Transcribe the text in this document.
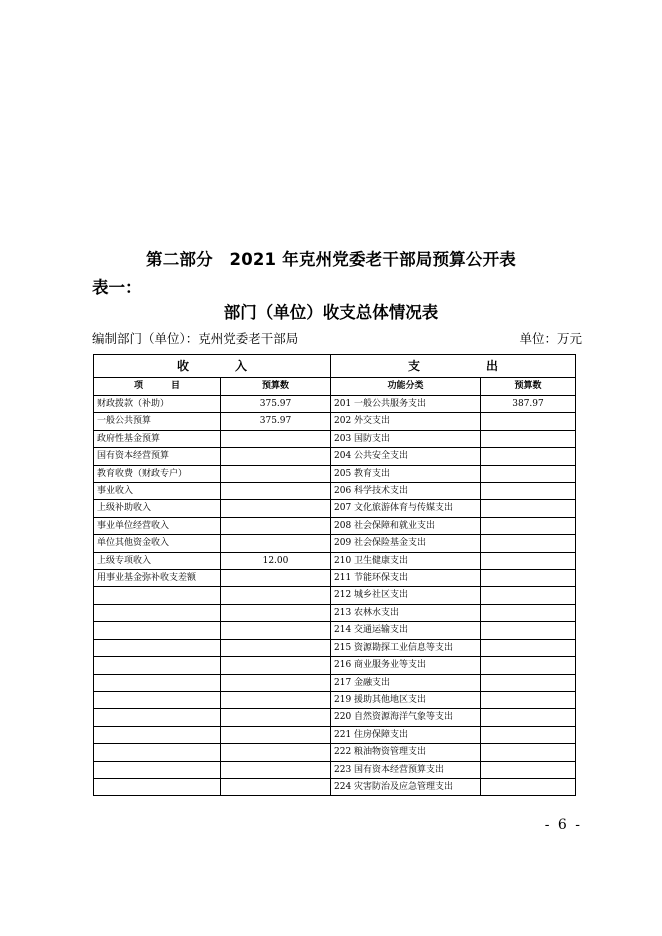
第二部分　2021 年克州党委老干部局预算公开表
表一：
部门（单位）收支总体情况表
编制部门（单位）：克州党委老干部局	单位：万元
收 入		支 出	
项 目	预算数	功能分类	预算数
财政拨款（补助）	375.97	201 一般公共服务支出	387.97
一般公共预算	375.97	202 外交支出	
政府性基金预算		203 国防支出	
国有资本经营预算		204 公共安全支出	
教育收费（财政专户）		205 教育支出	
事业收入		206 科学技术支出	
上级补助收入		207 文化旅游体育与传媒支出	
事业单位经营收入		208 社会保障和就业支出	
单位其他资金收入		209 社会保险基金支出	
上级专项收入	12.00	210 卫生健康支出	
用事业基金弥补收支差额		211 节能环保支出	
		212 城乡社区支出	
		213 农林水支出	
		214 交通运输支出	
		215 资源勘探工业信息等支出	
		216 商业服务业等支出	
		217 金融支出	
		219 援助其他地区支出	
		220 自然资源海洋气象等支出	
		221 住房保障支出	
		222 粮油物资管理支出	
		223 国有资本经营预算支出	
		224 灾害防治及应急管理支出	
- 6 -
